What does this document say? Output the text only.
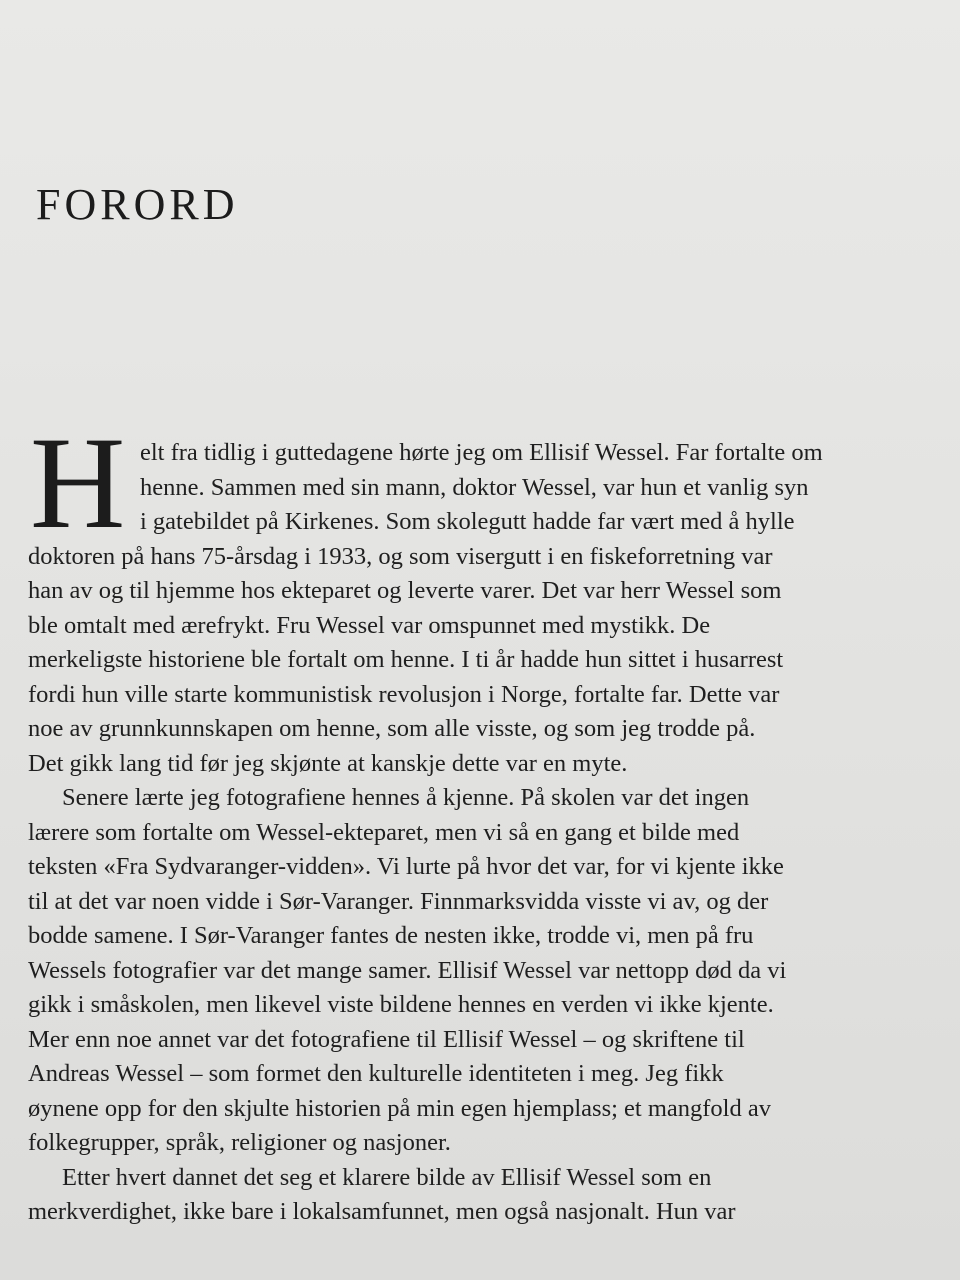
FORORD
H elt fra tidlig i guttedagene hørte jeg om Ellisif Wessel. Far fortalte om
henne. Sammen med sin mann, doktor Wessel, var hun et vanlig syn
i gatebildet på Kirkenes. Som skolegutt hadde far vært med å hylle
doktoren på hans 75-årsdag i 1933, og som visergutt i en fiskeforretning var
han av og til hjemme hos ekteparet og leverte varer. Det var herr Wessel som
ble omtalt med ærefrykt. Fru Wessel var omspunnet med mystikk. De
merkeligste historiene ble fortalt om henne. I ti år hadde hun sittet i husarrest
fordi hun ville starte kommunistisk revolusjon i Norge, fortalte far. Dette var
noe av grunnkunnskapen om henne, som alle visste, og som jeg trodde på.
Det gikk lang tid før jeg skjønte at kanskje dette var en myte.
Senere lærte jeg fotografiene hennes å kjenne. På skolen var det ingen
lærere som fortalte om Wessel-ekteparet, men vi så en gang et bilde med
teksten «Fra Sydvaranger-vidden». Vi lurte på hvor det var, for vi kjente ikke
til at det var noen vidde i Sør-Varanger. Finnmarksvidda visste vi av, og der
bodde samene. I Sør-Varanger fantes de nesten ikke, trodde vi, men på fru
Wessels fotografier var det mange samer. Ellisif Wessel var nettopp død da vi
gikk i småskolen, men likevel viste bildene hennes en verden vi ikke kjente.
Mer enn noe annet var det fotografiene til Ellisif Wessel – og skriftene til
Andreas Wessel – som formet den kulturelle identiteten i meg. Jeg fikk
øynene opp for den skjulte historien på min egen hjemplass; et mangfold av
folkegrupper, språk, religioner og nasjoner.
Etter hvert dannet det seg et klarere bilde av Ellisif Wessel som en
merkverdighet, ikke bare i lokalsamfunnet, men også nasjonalt. Hun var
